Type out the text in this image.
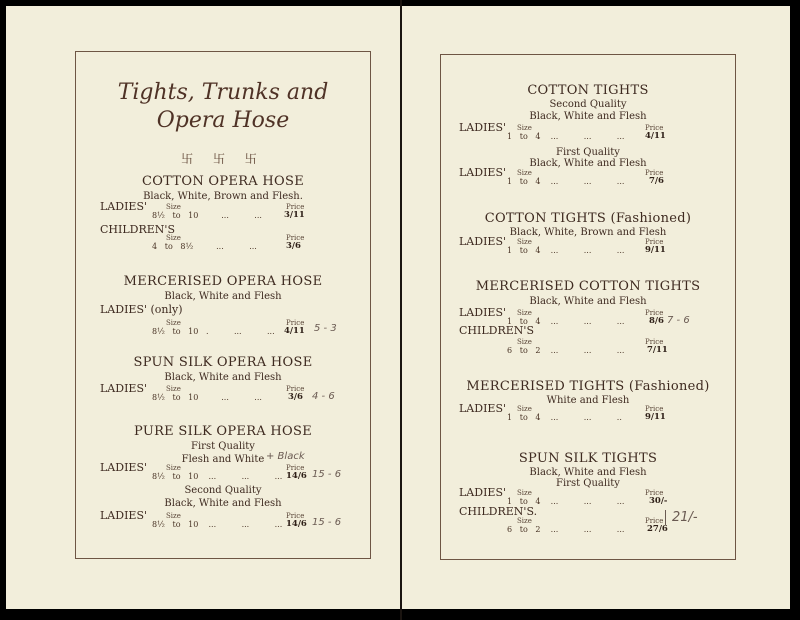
Tights, Trunks and
Opera Hose
卐 卐 卐
COTTON OPERA HOSE
Black, White, Brown and Flesh.
LADIES'	Size	Price
8½ to 10	...          ...	3/11
CHILDREN'S
Size	Price
4 to 8½	...          ...	3/6
MERCERISED OPERA HOSE
Black, White and Flesh
LADIES' (only)
Size	Price
8½ to 10 .          ...          ... 4/11 5 - 3
SPUN SILK OPERA HOSE
Black, White and Flesh
LADIES'	Size	Price
8½ to 10	...          ...	3/6 4 - 6
PURE SILK OPERA HOSE
First Quality
Flesh and White + Black
LADIES'	Size	Price
8½ to 10 ...          ...          ... 14/6 15 - 6
Second Quality
Black, White and Flesh
LADIES'	Size	Price
8½ to 10 ...          ...          ... 14/6 15 - 6
COTTON TIGHTS
Second Quality
Black, White and Flesh
LADIES' Size	Price
1 to 4 ...          ...          ... 4/11
First Quality
Black, White and Flesh
LADIES' Size	Price
1 to 4 ...          ...          ...	7/6
COTTON TIGHTS (Fashioned)
Black, White, Brown and Flesh
LADIES' Size	Price
1 to 4 ...          ...          ... 9/11
MERCERISED COTTON TIGHTS
Black, White and Flesh
LADIES' Size	Price
1 to 4 ...          ...          ...	8/6 7 - 6
CHILDREN'S
Size	Price
6 to 2 ...          ...          ...	7/11
MERCERISED TIGHTS (Fashioned)
White and Flesh
LADIES' Size	Price
1 to 4 ...          ...          ..	9/11
SPUN SILK TIGHTS
Black, White and Flesh
First Quality
LADIES' Size	Price
1 to 4 ...          ...          ...	30/-
CHILDREN'S.
Size	Price
6 to 2 ...          ...          ...	27/6
21/-
